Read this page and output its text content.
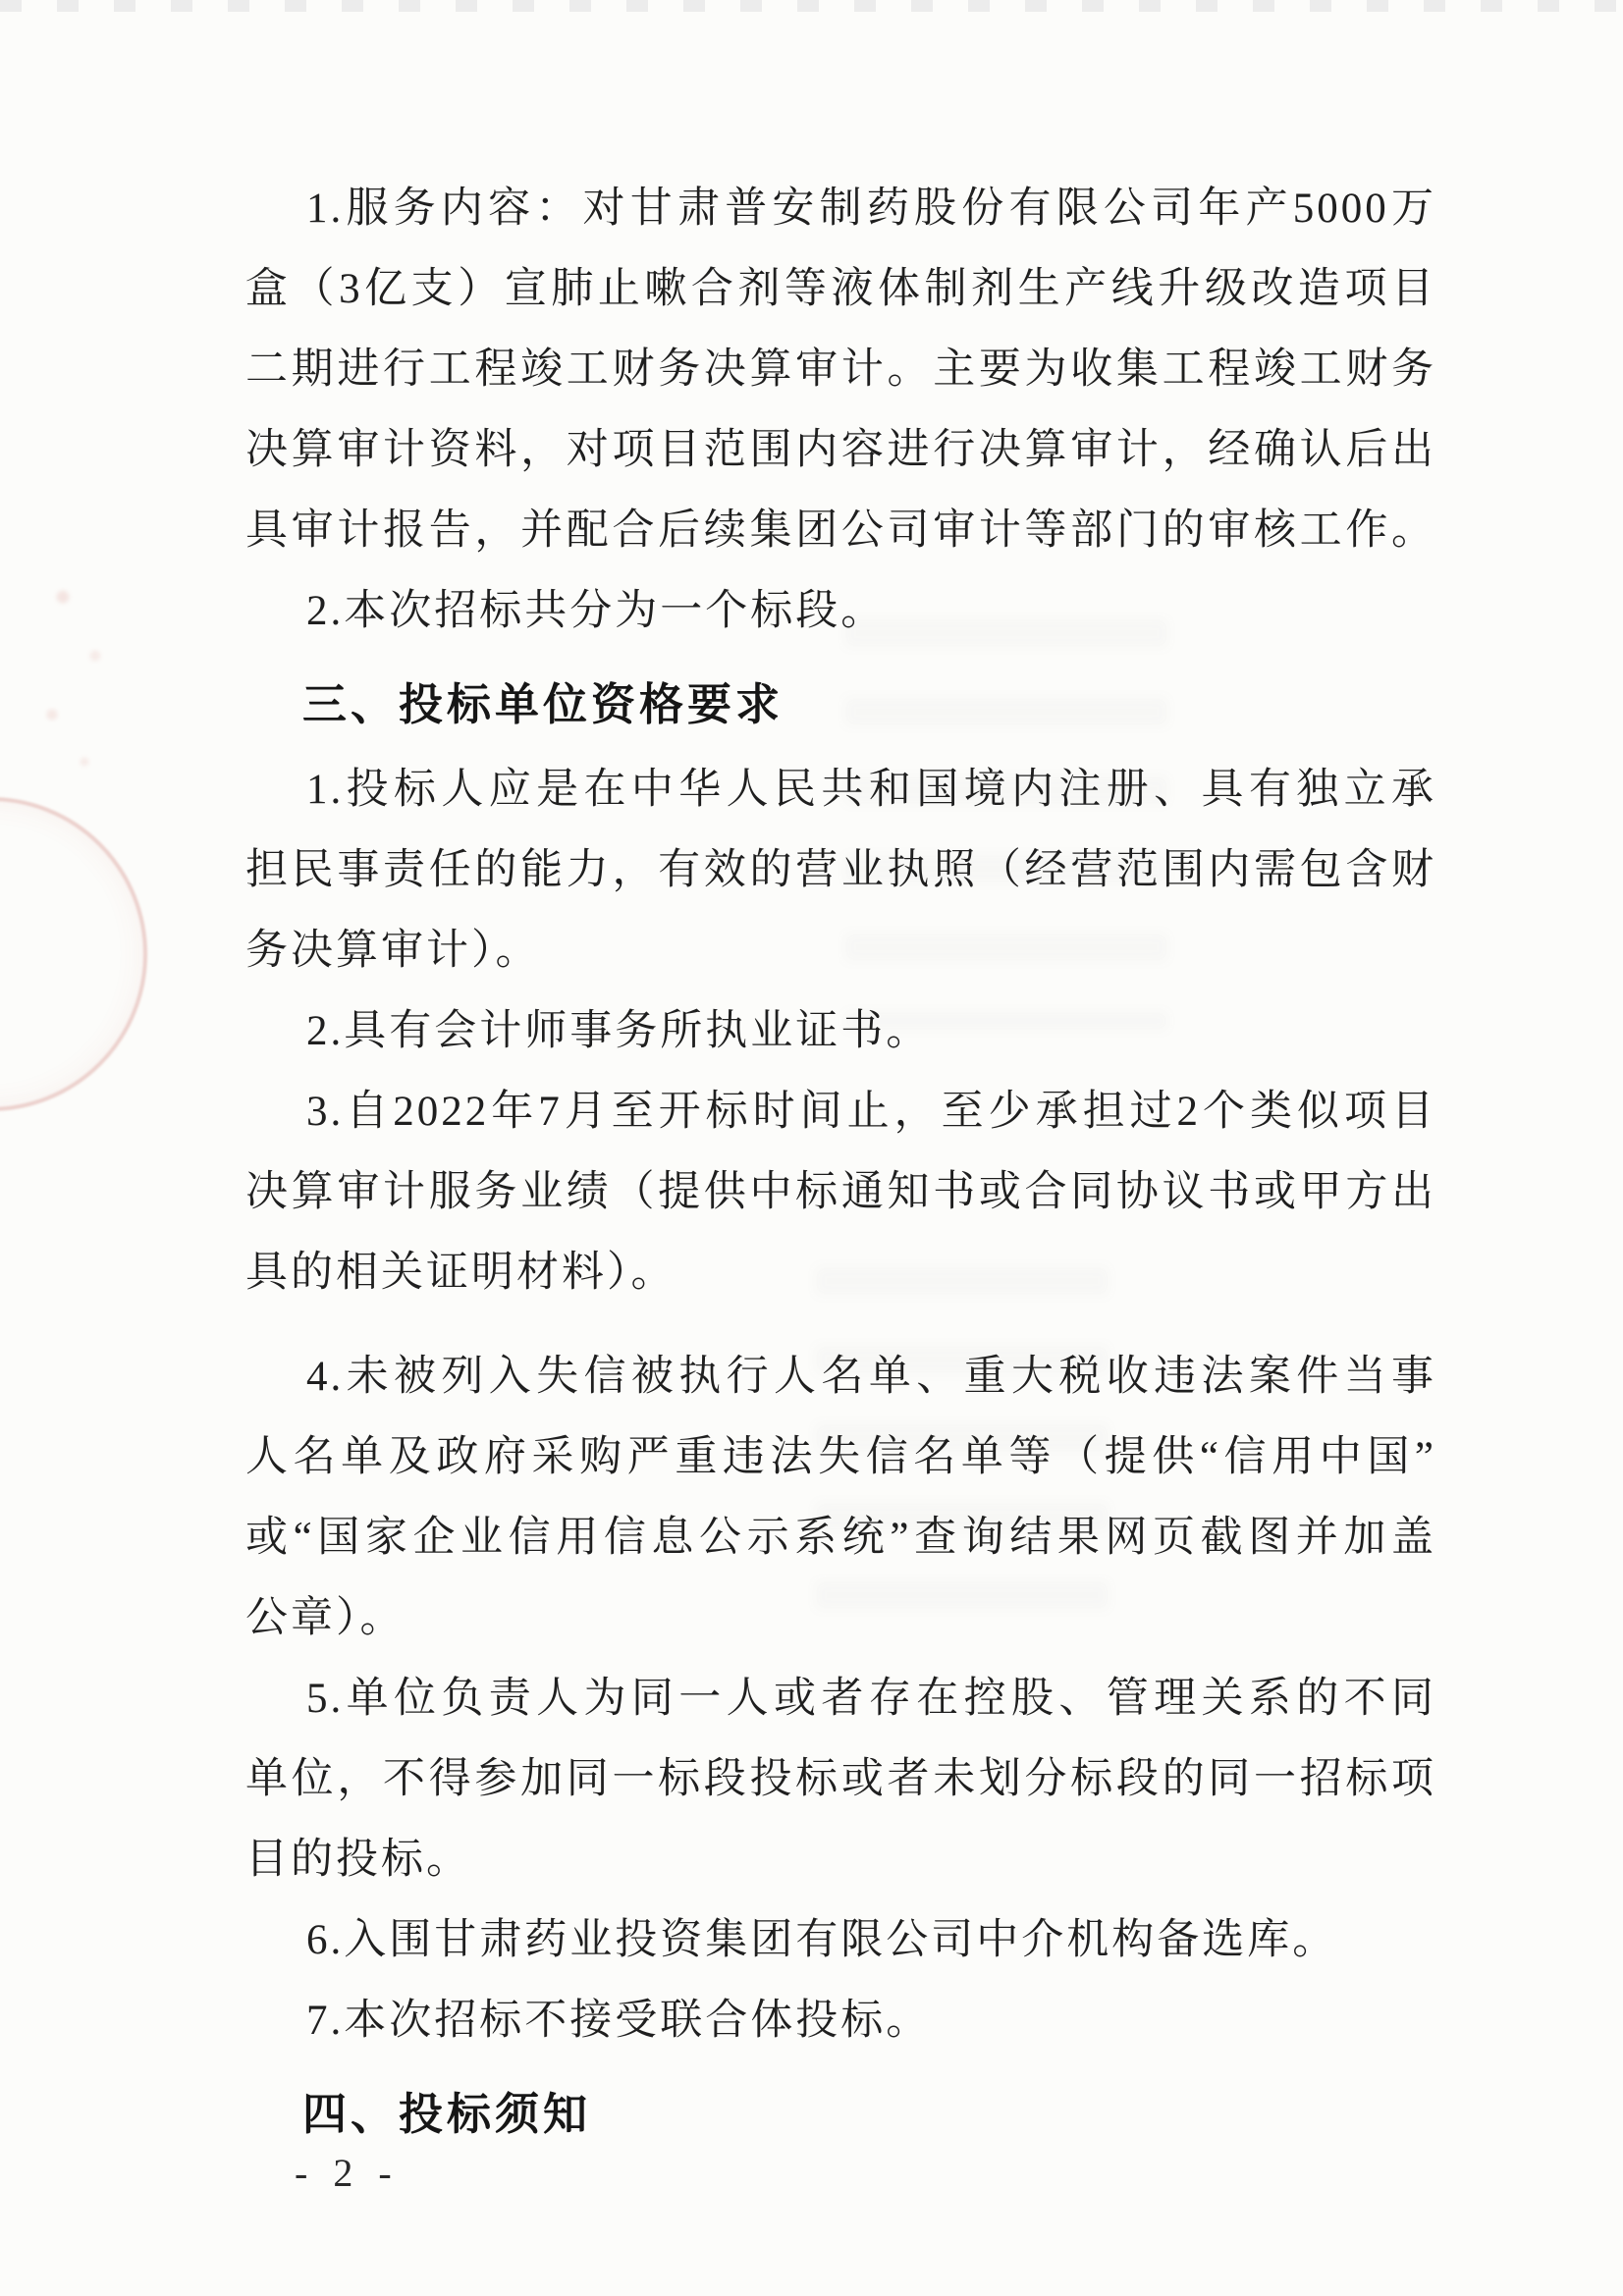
1.服务内容：对甘肃普安制药股份有限公司年产5000万
盒（3亿支）宣肺止嗽合剂等液体制剂生产线升级改造项目
二期进行工程竣工财务决算审计。主要为收集工程竣工财务
决算审计资料，对项目范围内容进行决算审计，经确认后出
具审计报告，并配合后续集团公司审计等部门的审核工作。
2.本次招标共分为一个标段。
三、投标单位资格要求
1.投标人应是在中华人民共和国境内注册、具有独立承
担民事责任的能力，有效的营业执照（经营范围内需包含财
务决算审计）。
2.具有会计师事务所执业证书。
3.自2022年7月至开标时间止，至少承担过2个类似项目
决算审计服务业绩（提供中标通知书或合同协议书或甲方出
具的相关证明材料）。
4.未被列入失信被执行人名单、重大税收违法案件当事
人名单及政府采购严重违法失信名单等（提供“信用中国”
或“国家企业信用信息公示系统”查询结果网页截图并加盖
公章）。
5.单位负责人为同一人或者存在控股、管理关系的不同
单位，不得参加同一标段投标或者未划分标段的同一招标项
目的投标。
6.入围甘肃药业投资集团有限公司中介机构备选库。
7.本次招标不接受联合体投标。
四、投标须知
- 2 -
